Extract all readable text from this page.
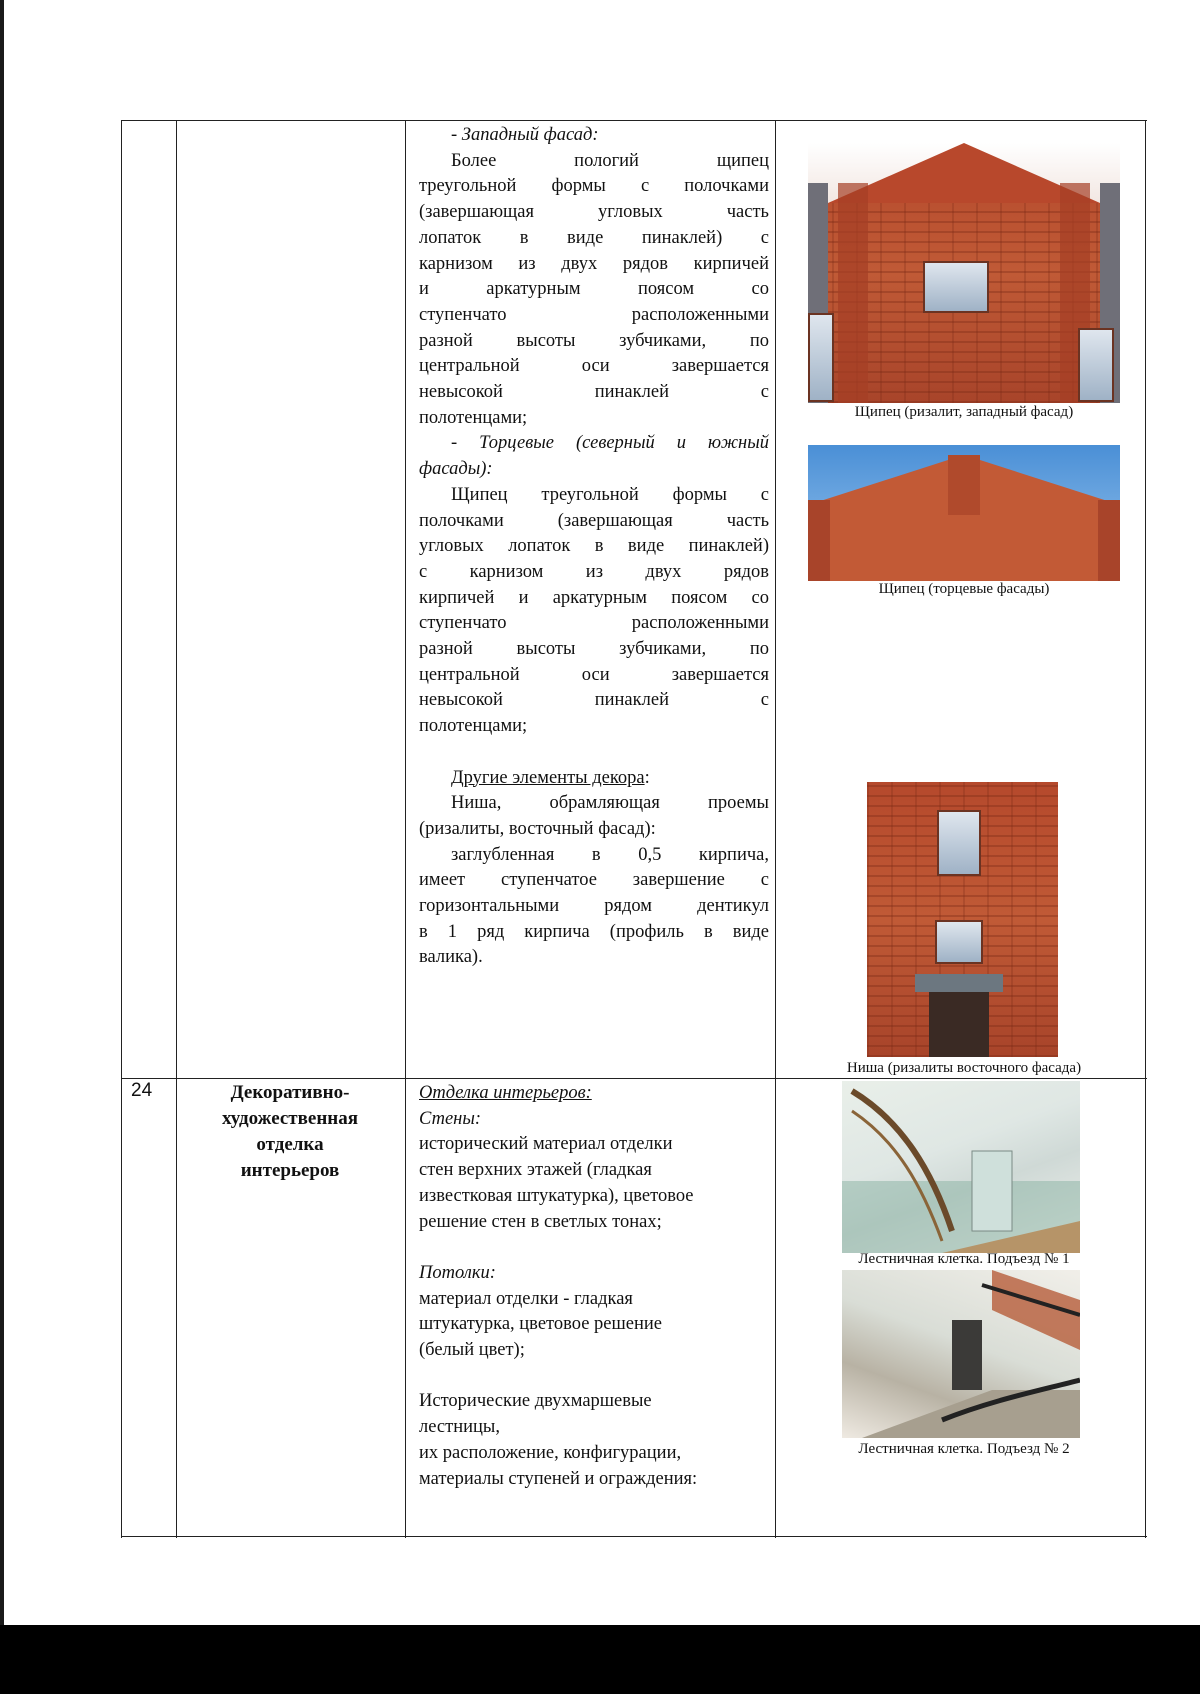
- Западный фасад:

Более пологий щипец
треугольной формы с полочками
(завершающая угловых часть
лопаток в виде пинаклей) с
карнизом из двух рядов кирпичей
и аркатурным поясом со
ступенчато расположенными
разной высоты зубчиками, по
центральной оси завершается
невысокой пинаклей с
полотенцами;
- Торцевые (северный и южный
фасады):
Щипец треугольной формы с
полочками (завершающая часть
угловых лопаток в виде пинаклей)
с карнизом из двух рядов
кирпичей и аркатурным поясом со
ступенчато расположенными
разной высоты зубчиками, по
центральной оси завершается
невысокой пинаклей с
полотенцами;
Другие элементы декора:
Ниша, обрамляющая проемы
(ризалиты, восточный фасад):
заглубленная в 0,5 кирпича,
имеет ступенчатое завершение с
горизонтальными рядом дентикул
в 1 ряд кирпича (профиль в виде
валика).
Щипец (ризалит, западный фасад)
Щипец (торцевые фасады)
Ниша (ризалиты восточного фасада)
24	Декоративно-
художественная
отделка
интерьеров
Отделка интерьеров:
Стены:
исторический материал отделки
стен верхних этажей (гладкая
известковая штукатурка), цветовое
решение стен в светлых тонах;
Потолки:
материал отделки - гладкая
штукатурка, цветовое решение
(белый цвет);
Исторические двухмаршевые
лестницы,
их расположение, конфигурации,
материалы ступеней и ограждения:
Лестничная клетка. Подъезд № 1
Лестничная клетка. Подъезд № 2
